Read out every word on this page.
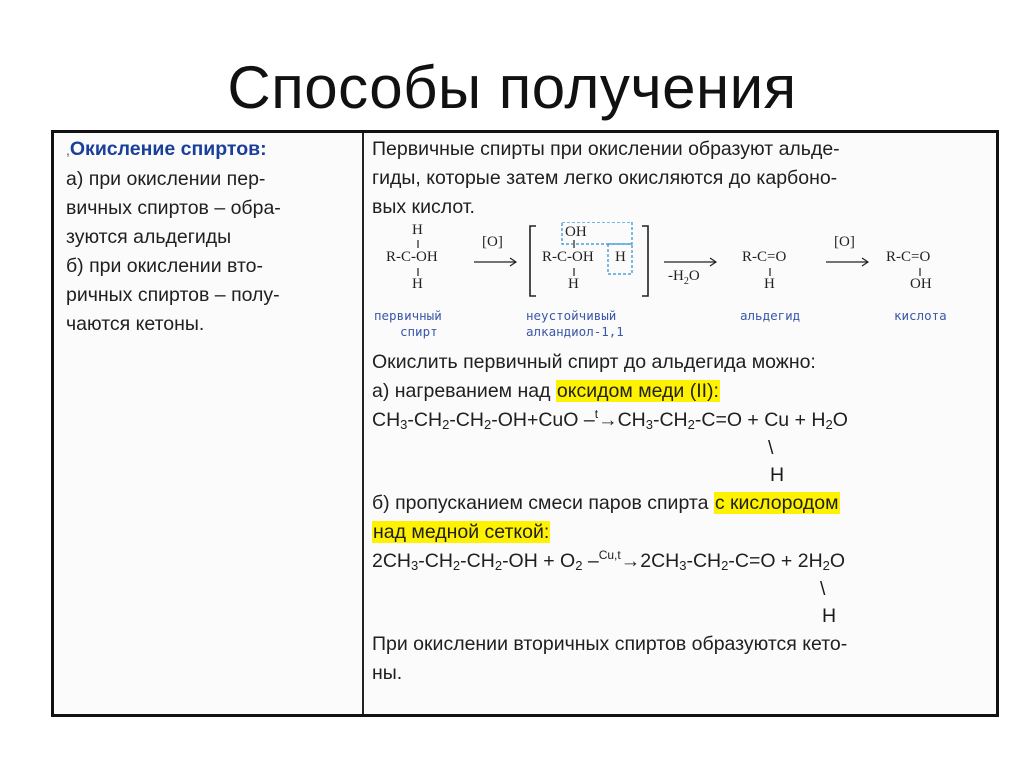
Способы получения
,Окисление спиртов:
а) при окислении пер-
вичных спиртов – обра-
зуются альдегиды
б) при окислении вто-
ричных спиртов – полу-
чаются кетоны.
Первичные спирты при окислении образуют альде-
гиды, которые затем легко окисляются до карбоно-
вых кислот.
H
R-C-OH
H
[O]
OH
R-C-OH H
H	$-H_2O$
R-C=O
H
[O]
R-C=O
OH
первичный
спирт
неустойчивый
алкандиол-1,1
альдегид	кислота
Окислить первичный спирт до альдегида можно:
а) нагреванием над оксидом меди (II):
$CH_3-CH_2-CH_2-OH+CuO$ $-^t\to CH_3-CH_2-C=O + Cu + H_2O$
\
H
б) пропусканием смеси паров спирта с кислородом
над медной сеткой:
$2CH_3-CH_2-CH_2-OH + O_2$ $-^{Cu,t}\to 2CH_3-CH_2-C=O + 2H_2O$
\
H
При окислении вторичных спиртов образуются кето-
ны.
